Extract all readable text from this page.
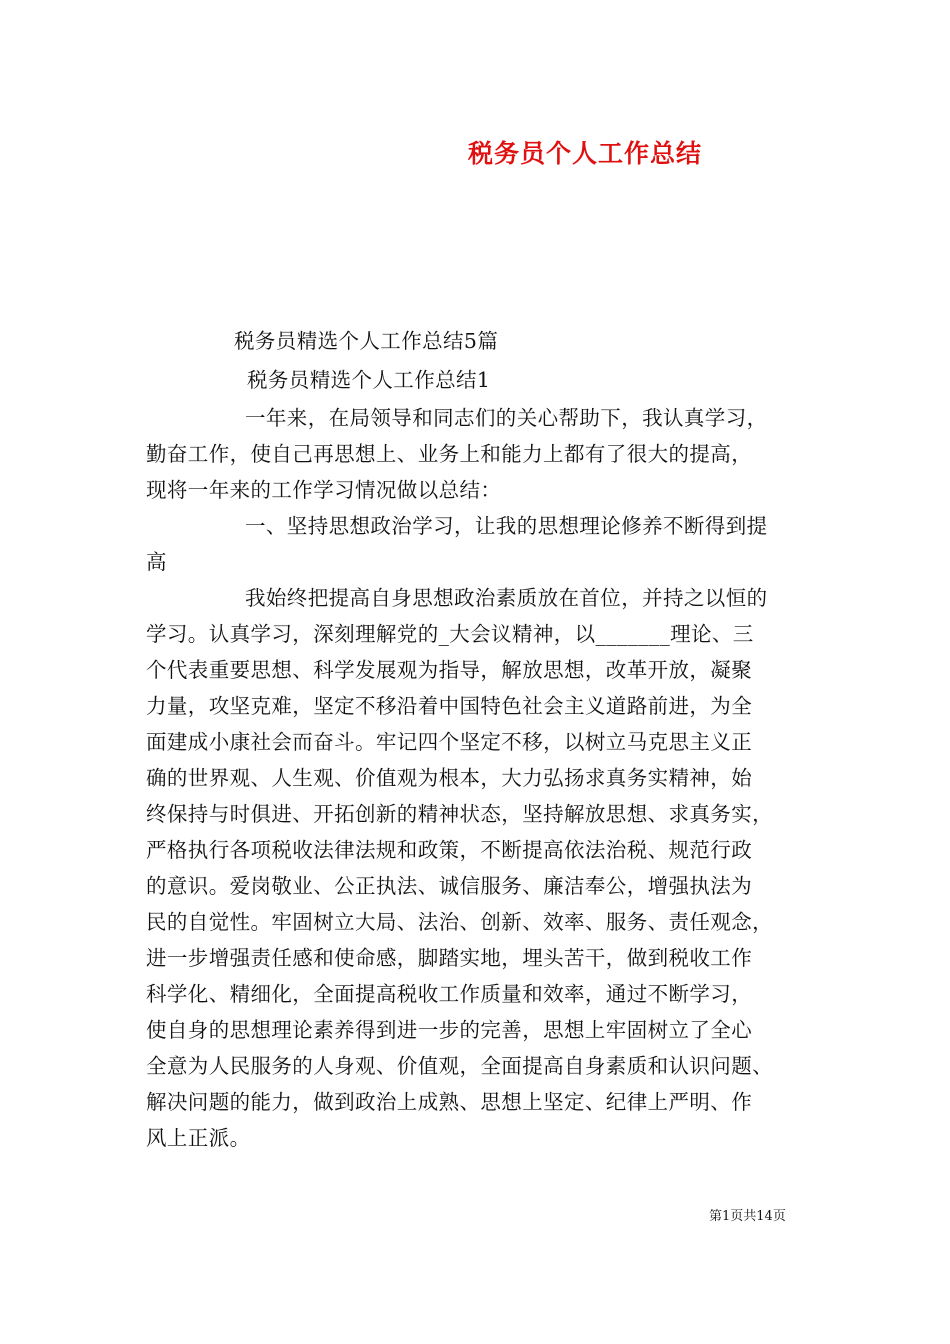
税务员个人工作总结
税务员精选个人工作总结5篇
税务员精选个人工作总结1
一年来，在局领导和同志们的关心帮助下，我认真学习，
勤奋工作，使自己再思想上、业务上和能力上都有了很大的提高，
现将一年来的工作学习情况做以总结：
一、坚持思想政治学习，让我的思想理论修养不断得到提
高
我始终把提高自身思想政治素质放在首位，并持之以恒的
学习。认真学习，深刻理解党的_大会议精神，以_______理论、三
个代表重要思想、科学发展观为指导，解放思想，改革开放，凝聚
力量，攻坚克难，坚定不移沿着中国特色社会主义道路前进，为全
面建成小康社会而奋斗。牢记四个坚定不移，以树立马克思主义正
确的世界观、人生观、价值观为根本，大力弘扬求真务实精神，始
终保持与时俱进、开拓创新的精神状态，坚持解放思想、求真务实，
严格执行各项税收法律法规和政策，不断提高依法治税、规范行政
的意识。爱岗敬业、公正执法、诚信服务、廉洁奉公，增强执法为
民的自觉性。牢固树立大局、法治、创新、效率、服务、责任观念，
进一步增强责任感和使命感，脚踏实地，埋头苦干，做到税收工作
科学化、精细化，全面提高税收工作质量和效率，通过不断学习，
使自身的思想理论素养得到进一步的完善，思想上牢固树立了全心
全意为人民服务的人身观、价值观，全面提高自身素质和认识问题、
解决问题的能力，做到政治上成熟、思想上坚定、纪律上严明、作
风上正派。
第1页共14页
